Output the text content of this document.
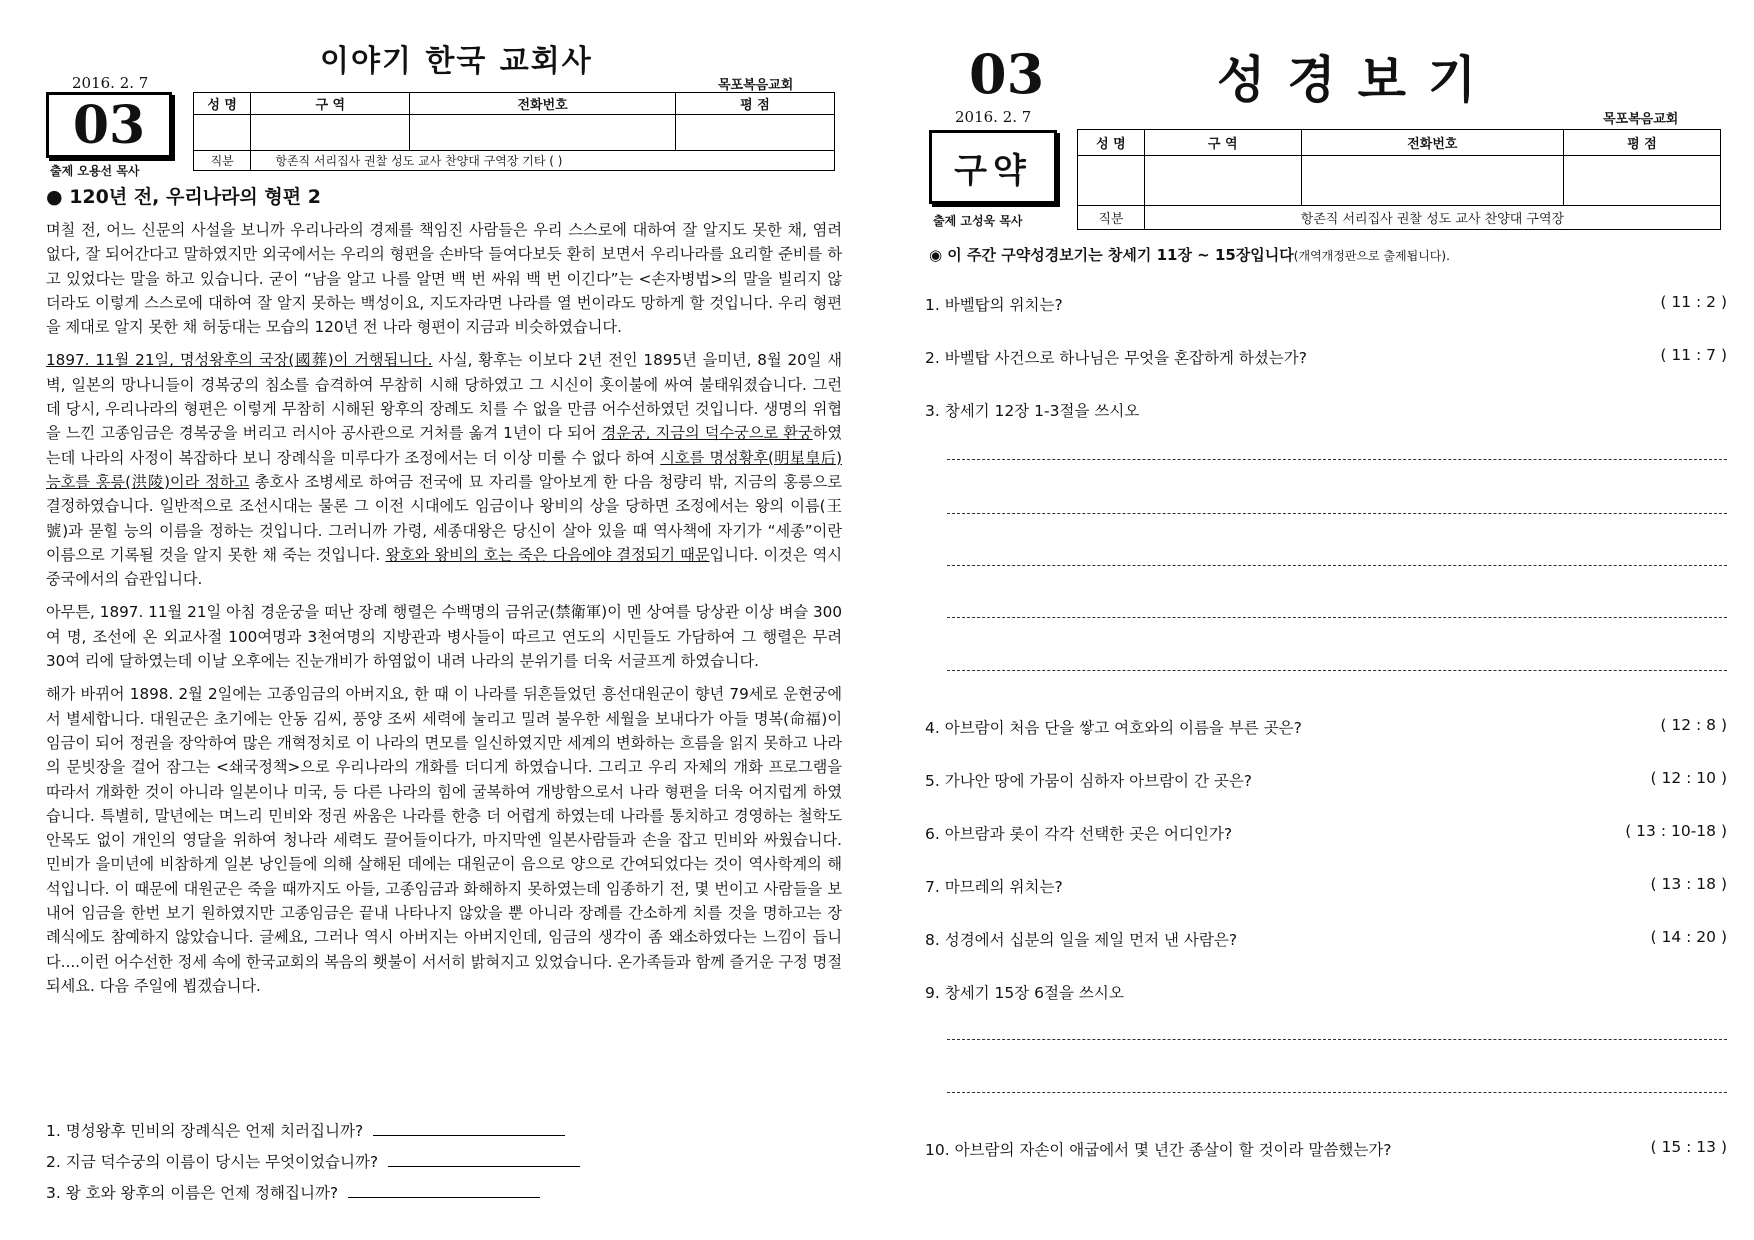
이야기 한국 교회사
2016. 2. 7	목포복음교회
03
출제 오용선 목사
성 명	구 역	전화번호	평 점

직분	항존직 서리집사 권찰 성도 교사 찬양대 구역장 기타 ( )		
● 120년 전, 우리나라의 형편 2

며칠 전, 어느 신문의 사설을 보니까 우리나라의 경제를 책임진 사람들은 우리 스스로에 대하여 잘 알지도 못한 채, 염려 없다, 잘 되어간다고 말하였지만 외국에서는 우리의 형편을 손바닥 들여다보듯 환히 보면서 우리나라를 요리할 준비를 하고 있었다는 말을 하고 있습니다. 굳이 “남을 알고 나를 알면 백 번 싸워 백 번 이긴다”는 <손자병법>의 말을 빌리지 않더라도 이렇게 스스로에 대하여 잘 알지 못하는 백성이요, 지도자라면 나라를 열 번이라도 망하게 할 것입니다. 우리 형편을 제대로 알지 못한 채 허둥대는 모습의 120년 전 나라 형편이 지금과 비슷하였습니다.

1897. 11월 21일, 명성왕후의 국장(國葬)이 거행됩니다. 사실, 황후는 이보다 2년 전인 1895년 을미년, 8월 20일 새벽, 일본의 망나니들이 경복궁의 침소를 습격하여 무참히 시해 당하였고 그 시신이 홋이불에 싸여 불태워졌습니다. 그런데 당시, 우리나라의 형편은 이렇게 무참히 시해된 왕후의 장례도 치를 수 없을 만큼 어수선하였던 것입니다. 생명의 위협을 느낀 고종임금은 경복궁을 버리고 러시아 공사관으로 거처를 옮겨 1년이 다 되어 경운궁, 지금의 덕수궁으로 환궁하였는데 나라의 사정이 복잡하다 보니 장례식을 미루다가 조정에서는 더 이상 미룰 수 없다 하여 시호를 명성황후(明星皇后) 능호를 홍릉(洪陵)이라 정하고 총호사 조병세로 하여금 전국에 묘 자리를 알아보게 한 다음 청량리 밖, 지금의 홍릉으로 결정하였습니다. 일반적으로 조선시대는 물론 그 이전 시대에도 임금이나 왕비의 상을 당하면 조정에서는 왕의 이름(王號)과 묻힐 능의 이름을 정하는 것입니다. 그러니까 가령, 세종대왕은 당신이 살아 있을 때 역사책에 자기가 “세종”이란 이름으로 기록될 것을 알지 못한 채 죽는 것입니다. 왕호와 왕비의 호는 죽은 다음에야 결정되기 때문입니다. 이것은 역시 중국에서의 습관입니다.

아무튼, 1897. 11월 21일 아침 경운궁을 떠난 장례 행렬은 수백명의 금위군(禁衛軍)이 멘 상여를 당상관 이상 벼슬 300여 명, 조선에 온 외교사절 100여명과 3천여명의 지방관과 병사들이 따르고 연도의 시민들도 가담하여 그 행렬은 무려 30여 리에 달하였는데 이날 오후에는 진눈개비가 하염없이 내려 나라의 분위기를 더욱 서글프게 하였습니다.

해가 바뀌어 1898. 2월 2일에는 고종임금의 아버지요, 한 때 이 나라를 뒤흔들었던 흥선대원군이 향년 79세로 운현궁에서 별세합니다. 대원군은 초기에는 안동 김씨, 풍양 조씨 세력에 눌리고 밀려 불우한 세월을 보내다가 아들 명복(命福)이 임금이 되어 정권을 장악하여 많은 개혁정치로 이 나라의 면모를 일신하였지만 세계의 변화하는 흐름을 읽지 못하고 나라의 문빗장을 걸어 잠그는 <쇄국정책>으로 우리나라의 개화를 더디게 하였습니다. 그리고 우리 자체의 개화 프로그램을 따라서 개화한 것이 아니라 일본이나 미국, 등 다른 나라의 힘에 굴복하여 개방함으로서 나라 형편을 더욱 어지럽게 하였습니다. 특별히, 말년에는 며느리 민비와 정권 싸움은 나라를 한층 더 어렵게 하였는데 나라를 통치하고 경영하는 철학도 안목도 없이 개인의 영달을 위하여 청나라 세력도 끌어들이다가, 마지막엔 일본사람들과 손을 잡고 민비와 싸웠습니다. 민비가 을미년에 비참하게 일본 낭인들에 의해 살해된 데에는 대원군이 음으로 양으로 간여되었다는 것이 역사학계의 해석입니다. 이 때문에 대원군은 죽을 때까지도 아들, 고종임금과 화해하지 못하였는데 임종하기 전, 몇 번이고 사람들을 보내어 임금을 한번 보기 원하였지만 고종임금은 끝내 나타나지 않았을 뿐 아니라 장례를 간소하게 치를 것을 명하고는 장례식에도 참예하지 않았습니다. 글쎄요, 그러나 역시 아버지는 아버지인데, 임금의 생각이 좀 왜소하였다는 느낌이 듭니다....이런 어수선한 정세 속에 한국교회의 복음의 횃불이 서서히 밝혀지고 있었습니다. 온가족들과 함께 즐거운 구정 명절되세요. 다음 주일에 뵙겠습니다.

1. 명성왕후 민비의 장례식은 언제 치러집니까?
2. 지금 덕수궁의 이름이 당시는 무엇이었습니까?
3. 왕 호와 왕후의 이름은 언제 정해집니까?
03	성경보기
2016. 2. 7	목포복음교회
구약
출제 고성욱 목사
성 명	구 역	전화번호	평 점

직분	항존직 서리집사 권찰 성도 교사 찬양대 구역장		
◉ 이 주간 구약성경보기는 창세기 11장 ~ 15장입니다(개역개정판으로 출제됩니다).
1. 바벨탑의 위치는?	( 11 : 2 )
2. 바벨탑 사건으로 하나님은 무엇을 혼잡하게 하셨는가?	( 11 : 7 )
3. 창세기 12장 1-3절을 쓰시오
4. 아브람이 처음 단을 쌓고 여호와의 이름을 부른 곳은?	( 12 : 8 )
5. 가나안 땅에 가뭄이 심하자 아브람이 간 곳은?	( 12 : 10 )
6. 아브람과 롯이 각각 선택한 곳은 어디인가?	( 13 : 10-18 )
7. 마므레의 위치는?	( 13 : 18 )
8. 성경에서 십분의 일을 제일 먼저 낸 사람은?	( 14 : 20 )
9. 창세기 15장 6절을 쓰시오
10. 아브람의 자손이 애굽에서 몇 년간 종살이 할 것이라 말씀했는가?	( 15 : 13 )
